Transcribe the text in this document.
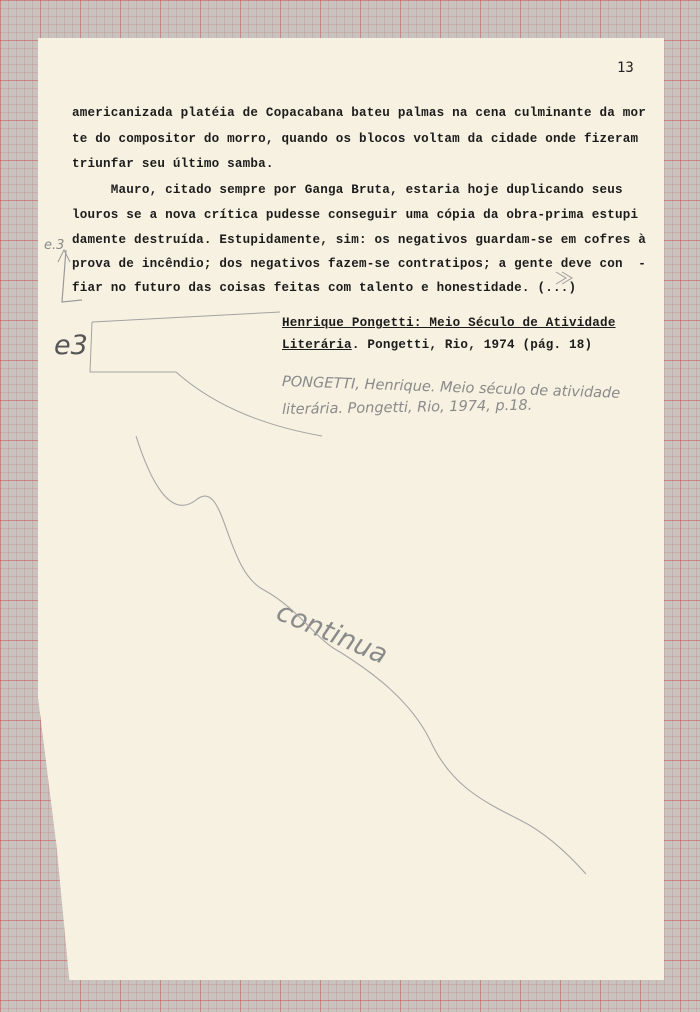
13
americanizada platéia de Copacabana bateu palmas na cena culminante da mor
te do compositor do morro, quando os blocos voltam da cidade onde fizeram
triunfar seu último samba.
Mauro, citado sempre por Ganga Bruta, estaria hoje duplicando seus
louros se a nova crítica pudesse conseguir uma cópia da obra-prima estupi
damente destruída. Estupidamente, sim: os negativos guardam-se em cofres à
prova de incêndio; dos negativos fazem-se contratipos; a gente deve con  -
fiar no futuro das coisas feitas com talento e honestidade. (...)
Henrique Pongetti: Meio Século de Atividade
Literária. Pongetti, Rio, 1974 (pág. 18)
e.3
e3
PONGETTI, Henrique. Meio século de atividade
literária. Pongetti, Rio, 1974, p.18.
continua
